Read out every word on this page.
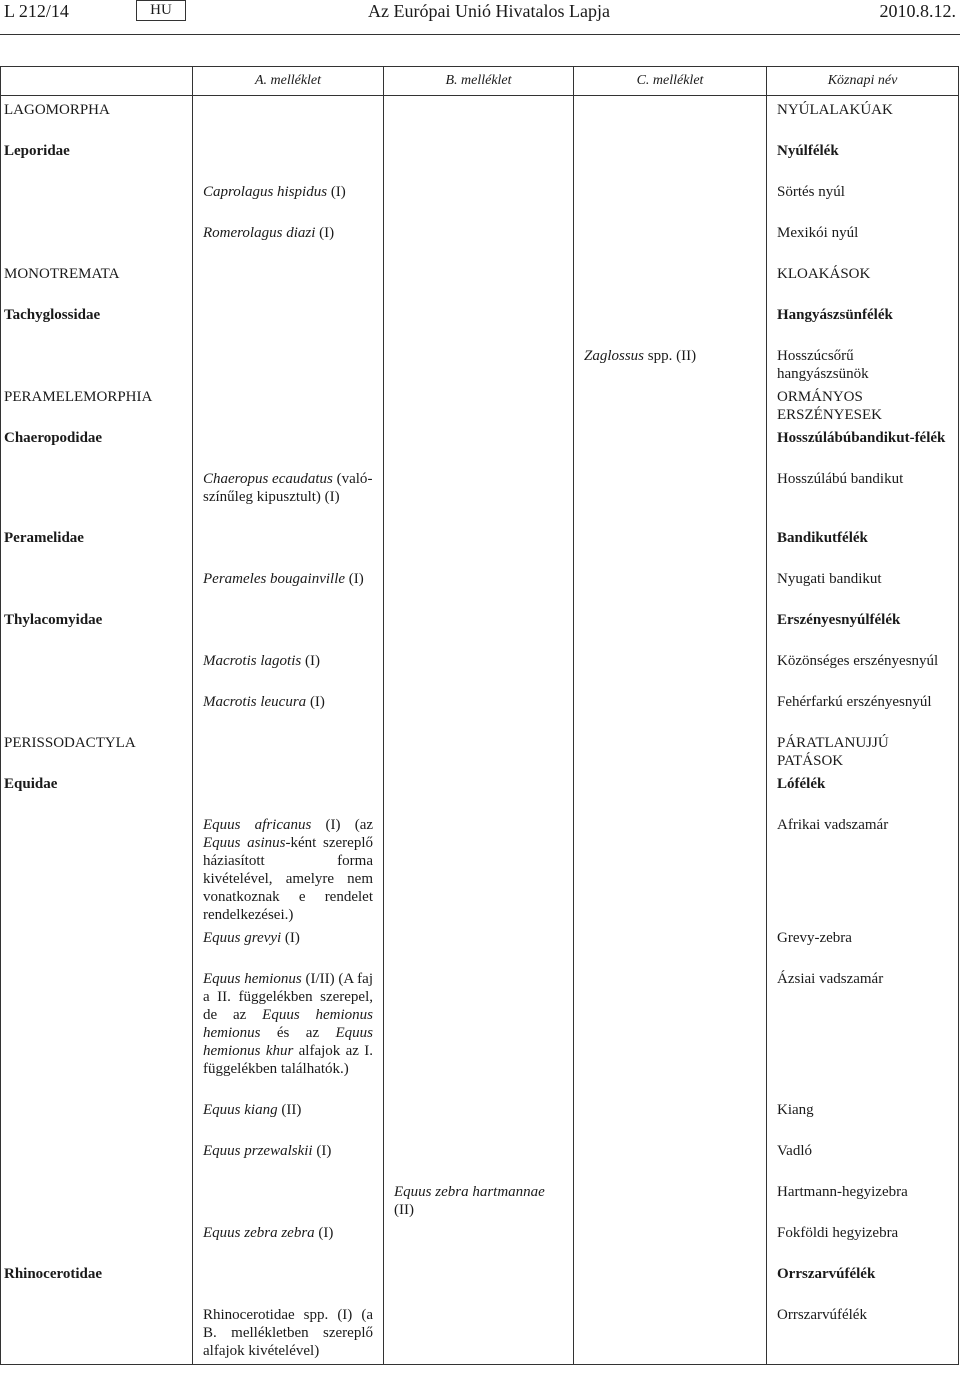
L 212/14	HU	Az Európai Unió Hivatalos Lapja	2010.8.12.
	A. melléklet	B. melléklet	C. melléklet	Köznapi név
LAGOMORPHA				NYÚLALAKÚAK
Leporidae				Nyúlfélék
	Caprolagus hispidus (I)			Sörtés nyúl
	Romerolagus diazi (I)			Mexikói nyúl
MONOTREMATA				KLOAKÁSOK
Tachyglossidae				Hangyászsünfélék
			Zaglossus spp. (II)	Hosszúcsőrű hangyászsünök
PERAMELEMORPHIA				ORMÁNYOS ERSZÉNYESEK
Chaeropodidae				Hosszúlábúbandikut-félék
	Chaeropus ecaudatus (valószínűleg kipusztult) (I)			Hosszúlábú bandikut
Peramelidae				Bandikutfélék
	Perameles bougainville (I)			Nyugati bandikut
Thylacomyidae				Erszényesnyúlfélék
	Macrotis lagotis (I)			Közönséges erszényesnyúl
	Macrotis leucura (I)			Fehérfarkú erszényesnyúl
PERISSODACTYLA				PÁRATLANUJJÚ PATÁSOK
Equidae				Lófélék
	Equus africanus (I) (az Equus asinus-ként szereplő háziasított forma kivételével, amelyre nem vonatkoznak e rendelet rendelkezései.)			Afrikai vadszamár
	Equus grevyi (I)			Grevy-zebra
	Equus hemionus (I/II) (A faj a II. függelékben szerepel, de az Equus hemionus hemionus és az Equus hemionus khur alfajok az I. függelékben találhatók.)			Ázsiai vadszamár
	Equus kiang (II)			Kiang
	Equus przewalskii (I)			Vadló
		Equus zebra hartmannae (II)		Hartmann-hegyizebra
	Equus zebra zebra (I)			Fokföldi hegyizebra
Rhinocerotidae				Orrszarvúfélék
	Rhinocerotidae spp. (I) (a B. mellékletben szereplő alfajok kivételével)			Orrszarvúfélék
